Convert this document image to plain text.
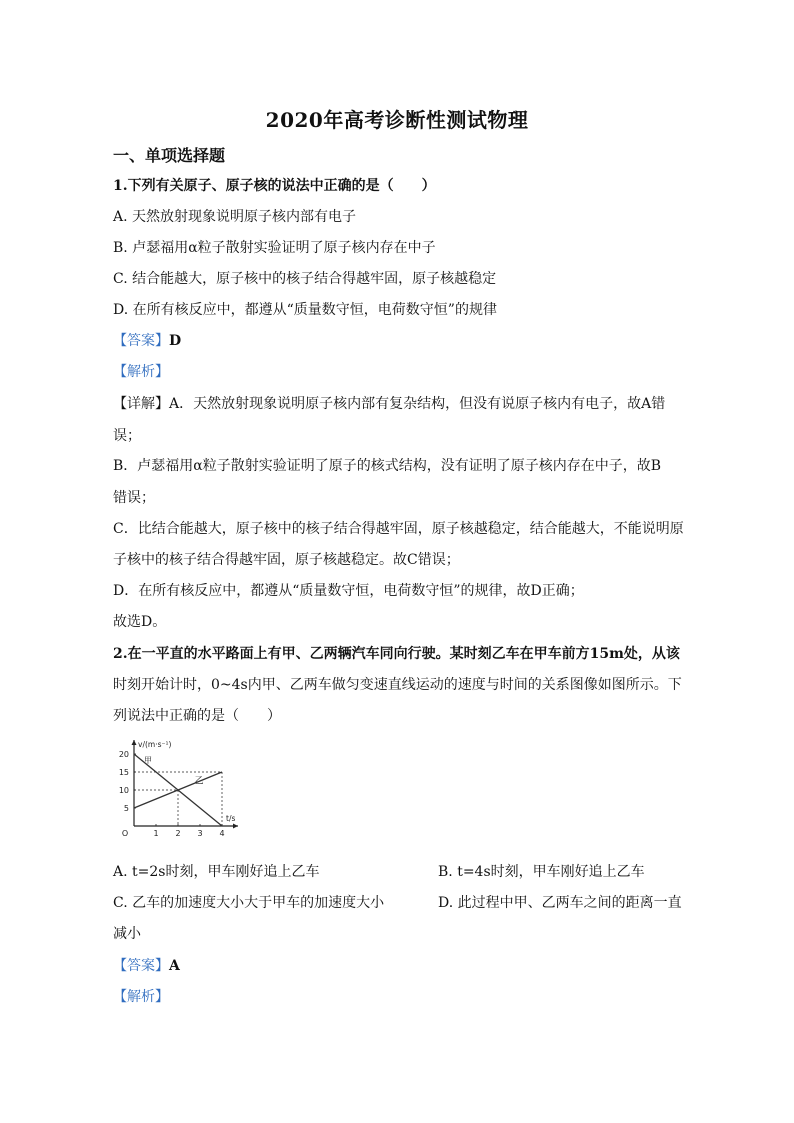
2020年高考诊断性测试物理
一、单项选择题
1.下列有关原子、原子核的说法中正确的是（　　）
A. 天然放射现象说明原子核内部有电子
B. 卢瑟福用α粒子散射实验证明了原子核内存在中子
C. 结合能越大，原子核中的核子结合得越牢固，原子核越稳定
D. 在所有核反应中，都遵从“质量数守恒，电荷数守恒”的规律
【答案】D
【解析】
【详解】A．天然放射现象说明原子核内部有复杂结构，但没有说原子核内有电子，故A错
误；
B．卢瑟福用α粒子散射实验证明了原子的核式结构，没有证明了原子核内存在中子，故B
错误；
C．比结合能越大，原子核中的核子结合得越牢固，原子核越稳定，结合能越大，不能说明原
子核中的核子结合得越牢固，原子核越稳定。故C错误；
D．在所有核反应中，都遵从“质量数守恒，电荷数守恒”的规律，故D正确；
故选D。
2.在一平直的水平路面上有甲、乙两辆汽车同向行驶。某时刻乙车在甲车前方15m处，从该
时刻开始计时，0~4s内甲、乙两车做匀变速直线运动的速度与时间的关系图像如图所示。下
列说法中正确的是（　　）
1 2 3 4
5
10
15
20
O
v/(m·s⁻¹)
t/s
甲
乙
A. t=2s时刻，甲车刚好追上乙车	B. t=4s时刻，甲车刚好追上乙车
C. 乙车的加速度大小大于甲车的加速度大小	D. 此过程中甲、乙两车之间的距离一直
减小
【答案】A
【解析】
